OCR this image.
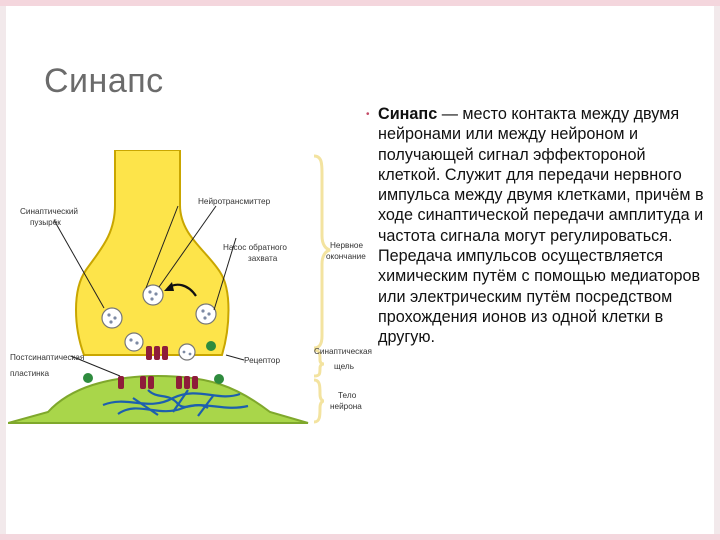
Синапс
Синаптический
пузырёк
Нейротрансмиттер
Насос обратного
захвата
Нервное
окончание
Синаптическая
щель
Постсинаптическая
пластинка
Рецептор
Тело
нейрона
• Синапс — место контакта между двумя нейронами или между нейроном и получающей сигнал эффектороной клеткой. Служит для передачи нервного импульса между двумя клетками, причём в ходе синаптической передачи амплитуда и частота сигнала могут регулироваться. Передача импульсов осуществляется химическим путём с помощью медиаторов или электрическим путём посредством прохождения ионов из одной клетки в другую.
